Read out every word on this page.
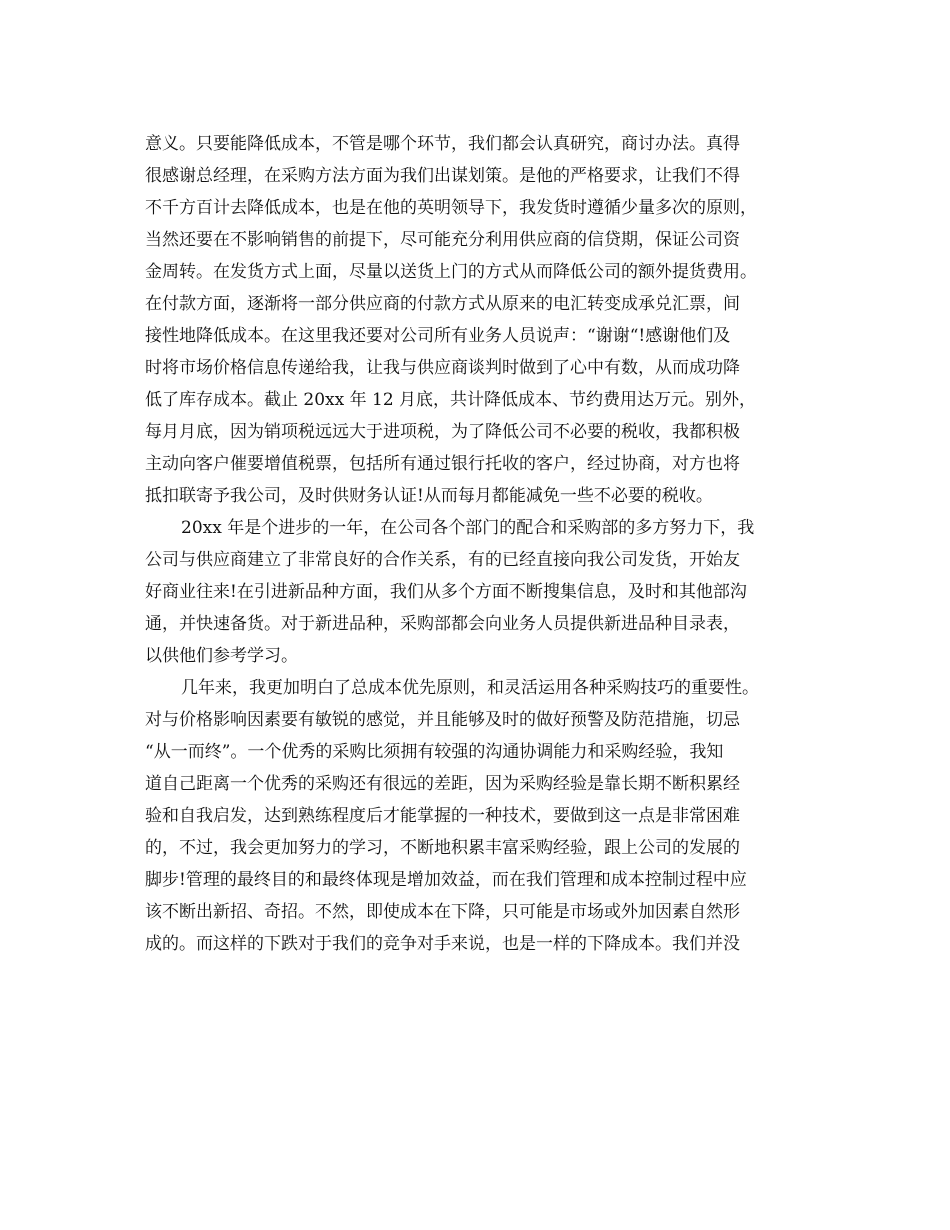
意义。只要能降低成本，不管是哪个环节，我们都会认真研究，商讨办法。真得
很感谢总经理，在采购方法方面为我们出谋划策。是他的严格要求，让我们不得
不千方百计去降低成本，也是在他的英明领导下，我发货时遵循少量多次的原则，
当然还要在不影响销售的前提下，尽可能充分利用供应商的信贷期，保证公司资
金周转。在发货方式上面，尽量以送货上门的方式从而降低公司的额外提货费用。
在付款方面，逐渐将一部分供应商的付款方式从原来的电汇转变成承兑汇票，间
接性地降低成本。在这里我还要对公司所有业务人员说声：“谢谢“!感谢他们及
时将市场价格信息传递给我，让我与供应商谈判时做到了心中有数，从而成功降
低了库存成本。截止 20xx 年 12 月底，共计降低成本、节约费用达万元。别外，
每月月底，因为销项税远远大于进项税，为了降低公司不必要的税收，我都积极
主动向客户催要增值税票，包括所有通过银行托收的客户，经过协商，对方也将
抵扣联寄予我公司，及时供财务认证!从而每月都能减免一些不必要的税收。
20xx 年是个进步的一年，在公司各个部门的配合和采购部的多方努力下，我
公司与供应商建立了非常良好的合作关系，有的已经直接向我公司发货，开始友
好商业往来!在引进新品种方面，我们从多个方面不断搜集信息，及时和其他部沟
通，并快速备货。对于新进品种，采购部都会向业务人员提供新进品种目录表，
以供他们参考学习。
几年来，我更加明白了总成本优先原则，和灵活运用各种采购技巧的重要性。
对与价格影响因素要有敏锐的感觉，并且能够及时的做好预警及防范措施，切忌
“从一而终”。一个优秀的采购比须拥有较强的沟通协调能力和采购经验，我知
道自己距离一个优秀的采购还有很远的差距，因为采购经验是靠长期不断积累经
验和自我启发，达到熟练程度后才能掌握的一种技术，要做到这一点是非常困难
的，不过，我会更加努力的学习，不断地积累丰富采购经验，跟上公司的发展的
脚步!管理的最终目的和最终体现是增加效益，而在我们管理和成本控制过程中应
该不断出新招、奇招。不然，即使成本在下降，只可能是市场或外加因素自然形
成的。而这样的下跌对于我们的竞争对手来说，也是一样的下降成本。我们并没
